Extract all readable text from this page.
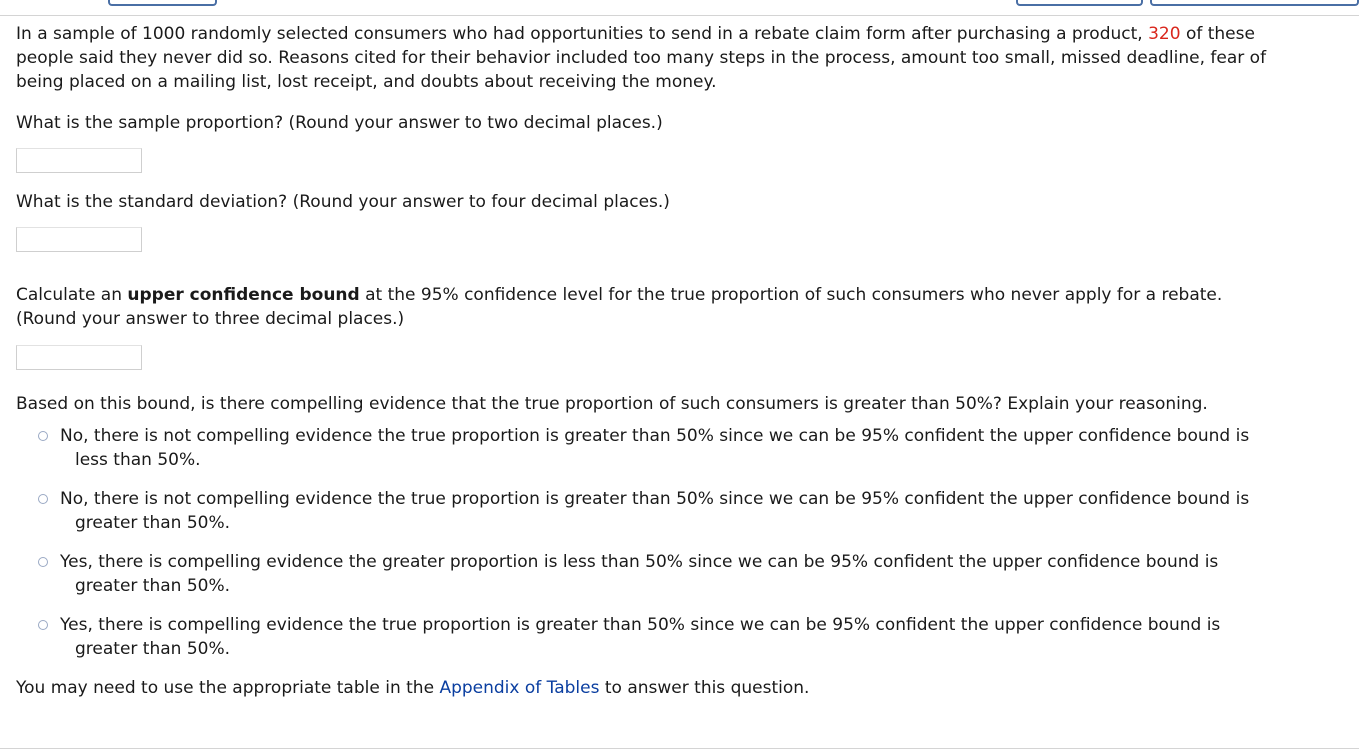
In a sample of 1000 randomly selected consumers who had opportunities to send in a rebate claim form after purchasing a product, 320 of these

people said they never did so. Reasons cited for their behavior included too many steps in the process, amount too small, missed deadline, fear of

being placed on a mailing list, lost receipt, and doubts about receiving the money.

What is the sample proportion? (Round your answer to two decimal places.)

What is the standard deviation? (Round your answer to four decimal places.)

Calculate an upper confidence bound at the 95% confidence level for the true proportion of such consumers who never apply for a rebate.

(Round your answer to three decimal places.)

Based on this bound, is there compelling evidence that the true proportion of such consumers is greater than 50%? Explain your reasoning.

No, there is not compelling evidence the true proportion is greater than 50% since we can be 95% confident the upper confidence bound is
less than 50%.
No, there is not compelling evidence the true proportion is greater than 50% since we can be 95% confident the upper confidence bound is
greater than 50%.
Yes, there is compelling evidence the greater proportion is less than 50% since we can be 95% confident the upper confidence bound is
greater than 50%.
Yes, there is compelling evidence the true proportion is greater than 50% since we can be 95% confident the upper confidence bound is
greater than 50%.

You may need to use the appropriate table in the Appendix of Tables to answer this question.
